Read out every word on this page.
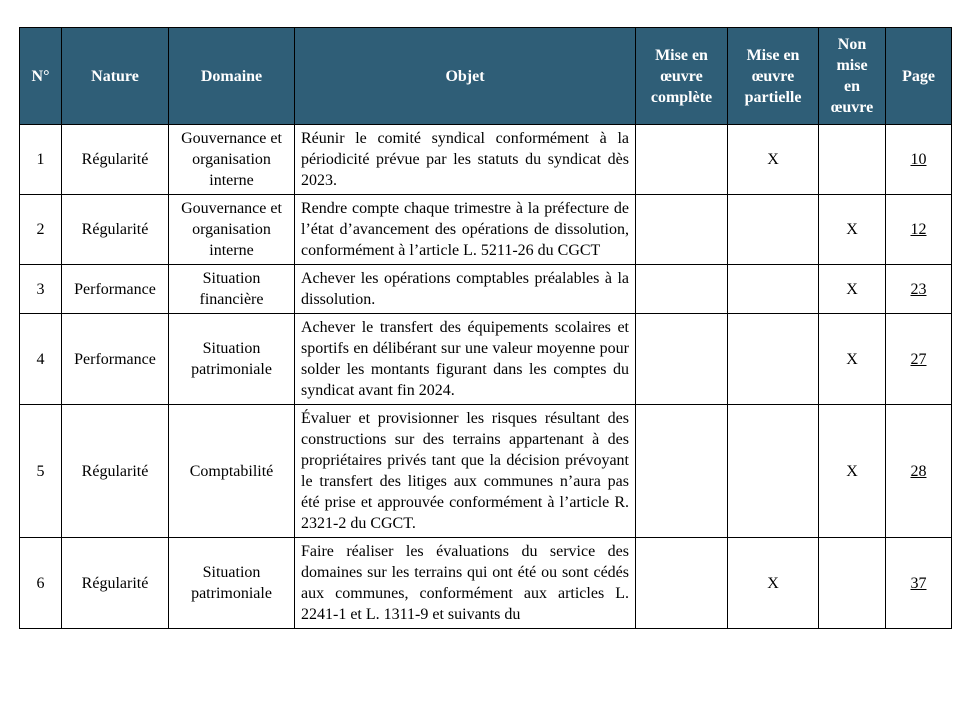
N°	Nature	Domaine	Objet	Mise en œuvre complète	Mise en œuvre partielle	Non mise en œuvre	Page
1	Régularité	Gouvernance et organisation interne	Réunir le comité syndical conformément à la périodicité prévue par les statuts du syndicat dès 2023.		X		10
2	Régularité	Gouvernance et organisation interne	Rendre compte chaque trimestre à la préfecture de l’état d’avancement des opérations de dissolution, conformément à l’article L. 5211-26 du CGCT			X	12
3	Performance	Situation financière	Achever les opérations comptables préalables à la dissolution.			X	23
4	Performance	Situation patrimoniale	Achever le transfert des équipements scolaires et sportifs en délibérant sur une valeur moyenne pour solder les montants figurant dans les comptes du syndicat avant fin 2024.			X	27
5	Régularité	Comptabilité	Évaluer et provisionner les risques résultant des constructions sur des terrains appartenant à des propriétaires privés tant que la décision prévoyant le transfert des litiges aux communes n’aura pas été prise et approuvée conformément à l’article R. 2321-2 du CGCT.			X	28
6	Régularité	Situation patrimoniale	Faire réaliser les évaluations du service des domaines sur les terrains qui ont été ou sont cédés aux communes, conformément aux articles L. 2241-1 et L. 1311-9 et suivants du		X		37
